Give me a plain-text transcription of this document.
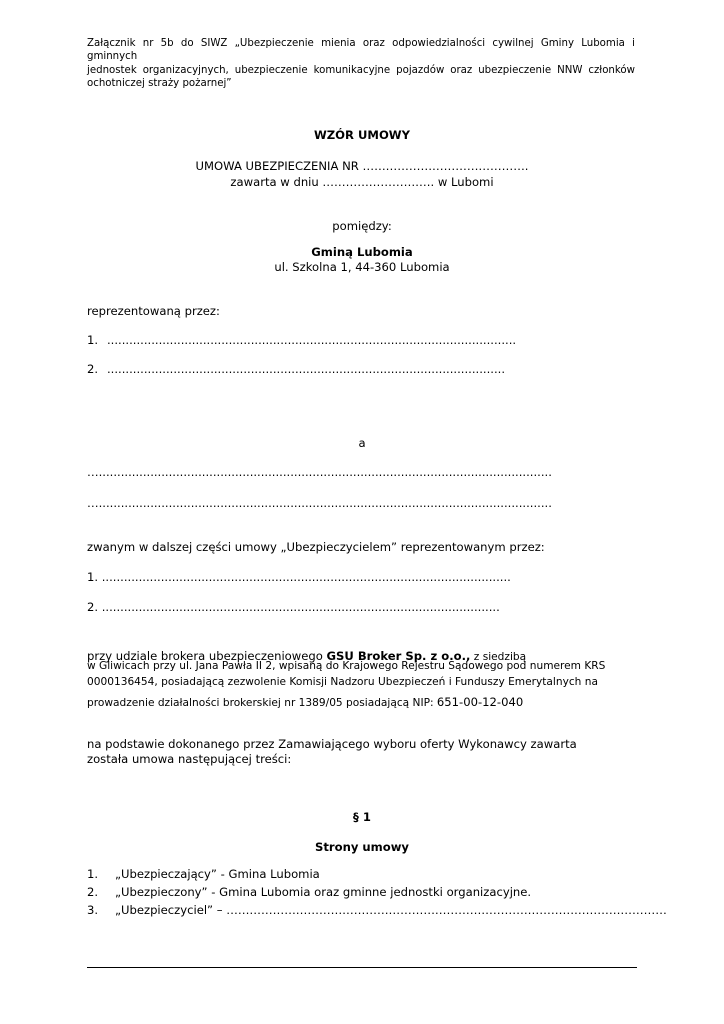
Załącznik nr 5b do SIWZ „Ubezpieczenie mienia oraz odpowiedzialności cywilnej Gminy Lubomia i gminnych
jednostek organizacyjnych, ubezpieczenie komunikacyjne pojazdów oraz ubezpieczenie NNW członków
ochotniczej straży pożarnej”
WZÓR UMOWY
UMOWA UBEZPIECZENIA NR …………………………………….
zawarta w dniu ……………………….. w Lubomi
pomiędzy:
Gminą Lubomia
ul. Szkolna 1, 44-360 Lubomia
reprezentowaną przez:
1. ...............................................................................................................
2. ............................................................................................................
a
…...........................................................................................................................
…...........................................................................................................................
zwanym w dalszej części umowy „Ubezpieczycielem” reprezentowanym przez:
1. ...............................................................................................................
2. ............................................................................................................
przy udziale brokera ubezpieczeniowego GSU Broker Sp. z o.o., z siedzibą
w Gliwicach przy ul. Jana Pawła II 2, wpisaną do Krajowego Rejestru Sądowego pod numerem KRS
0000136454, posiadającą zezwolenie Komisji Nadzoru Ubezpieczeń i Funduszy Emerytalnych na
prowadzenie działalności brokerskiej nr 1389/05 posiadającą NIP: 651-00-12-040
na podstawie dokonanego przez Zamawiającego wyboru oferty Wykonawcy zawarta
została umowa następującej treści:
§ 1
Strony umowy
1. „Ubezpieczający” - Gmina Lubomia
2. „Ubezpieczony” - Gmina Lubomia oraz gminne jednostki organizacyjne.
3. „Ubezpieczyciel” – ……………………………………………………………………………………………………
